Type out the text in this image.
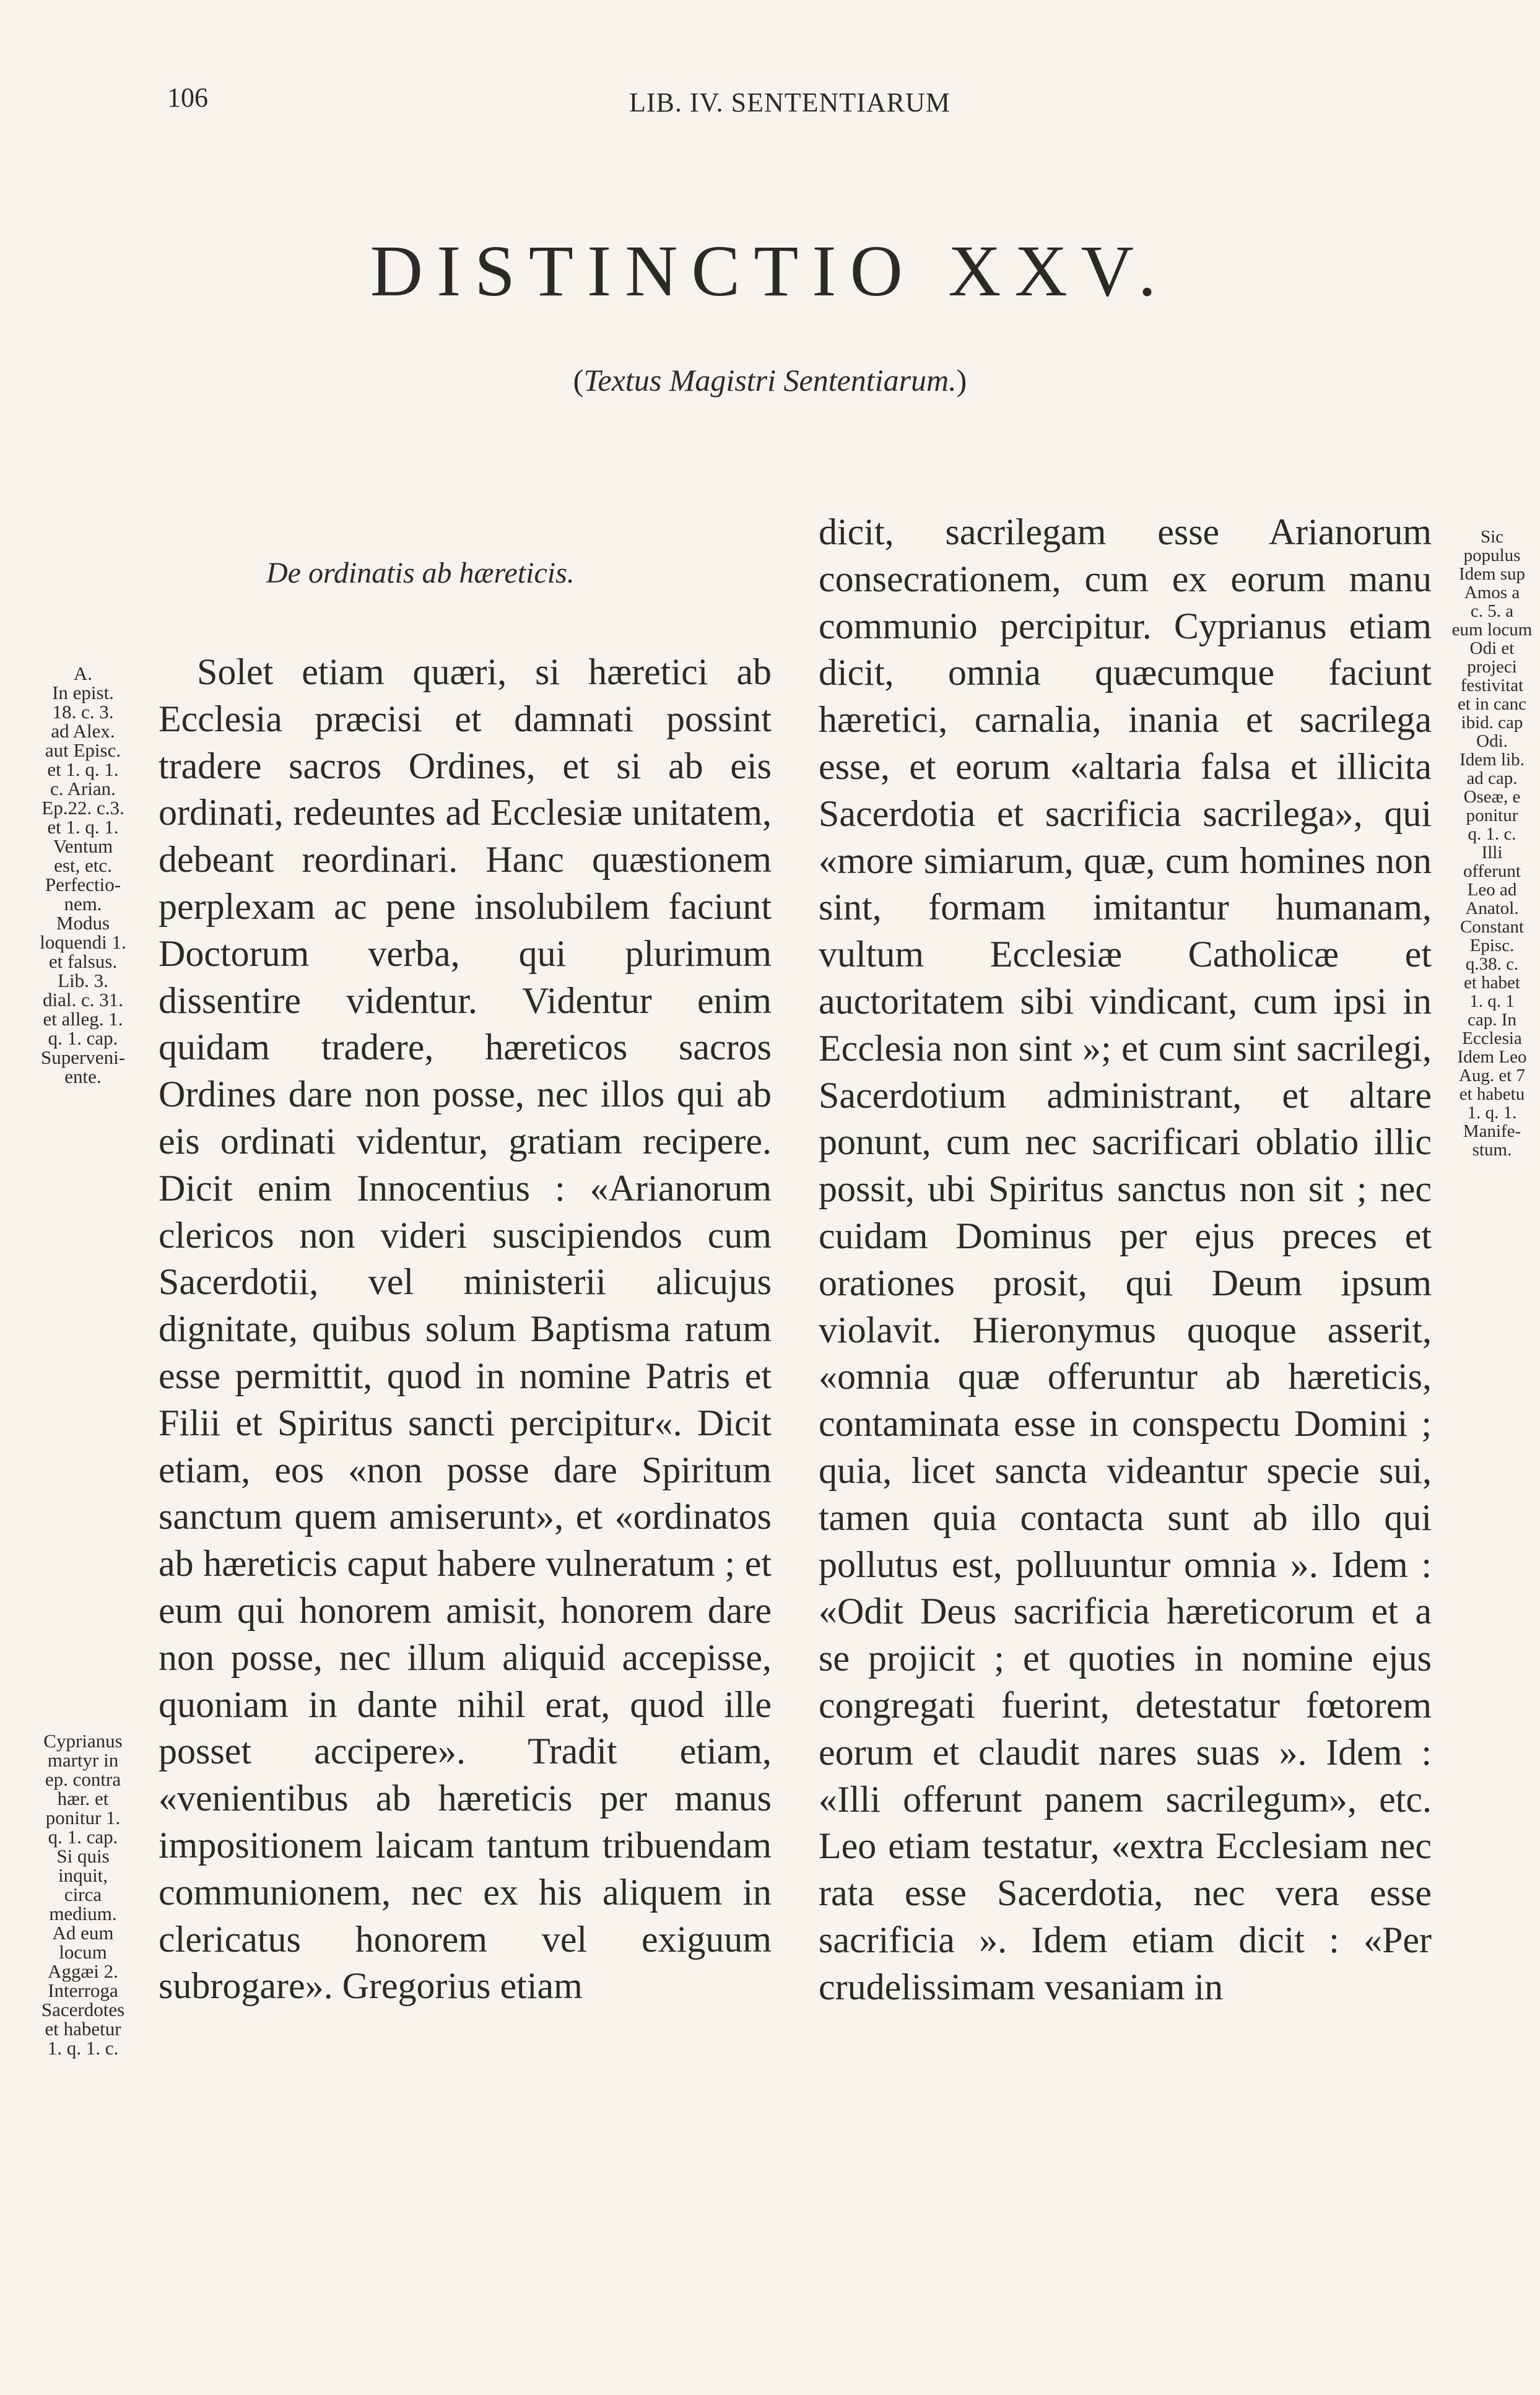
106	LIB. IV. SENTENTIARUM
DISTINCTIO XXV.
(Textus Magistri Sententiarum.)
De ordinatis ab hæreticis.
A.
In epist.
18. c. 3.
ad Alex.
aut Episc.
et 1. q. 1.
c. Arian.
Ep.22. c.3.
et 1. q. 1.
Ventum
est, etc.
Perfectio-
nem.
Modus
loquendi 1.
et falsus.
Lib. 3.
dial. c. 31.
et alleg. 1.
q. 1. cap.
Superveni-
ente.
Cyprianus
martyr in
ep. contra
hær. et
ponitur 1.
q. 1. cap.
Si quis
inquit,
circa
medium.
Ad eum
locum
Aggæi 2.
Interroga
Sacerdotes
et habetur
1. q. 1. c.

Solet etiam quæri, si hæretici ab Ecclesia præcisi et damnati possint tradere sacros Ordines, et si ab eis ordinati, redeuntes ad Ecclesiæ unitatem, debeant reordinari. Hanc quæstionem perplexam ac pene insolubilem faciunt Doctorum verba, qui plurimum dissentire videntur. Videntur enim quidam tradere, hæreticos sacros Ordines dare non posse, nec illos qui ab eis ordinati videntur, gratiam recipere. Dicit enim Innocentius : «Arianorum clericos non videri suscipiendos cum Sacerdotii, vel ministerii alicujus dignitate, quibus solum Baptisma ratum esse permittit, quod in nomine Patris et Filii et Spiritus sancti percipitur«. Dicit etiam, eos «non posse dare Spiritum sanctum quem amiserunt», et «ordinatos ab hæreticis caput habere vulneratum ; et eum qui honorem amisit, honorem dare non posse, nec illum aliquid accepisse, quoniam in dante nihil erat, quod ille posset accipere». Tradit etiam, «venientibus ab hæreticis per manus impositionem laicam tantum tribuendam communionem, nec ex his aliquem in clericatus honorem vel exiguum subrogare». Gregorius etiam

dicit, sacrilegam esse Arianorum consecrationem, cum ex eorum manu communio percipitur. Cyprianus etiam dicit, omnia quæcumque faciunt hæretici, carnalia, inania et sacrilega esse, et eorum «altaria falsa et illicita Sacerdotia et sacrificia sacrilega», qui «more simiarum, quæ, cum homines non sint, formam imitantur humanam, vultum Ecclesiæ Catholicæ et auctoritatem sibi vindicant, cum ipsi in Ecclesia non sint »; et cum sint sacrilegi, Sacerdotium administrant, et altare ponunt, cum nec sacrificari oblatio illic possit, ubi Spiritus sanctus non sit ; nec cuidam Dominus per ejus preces et orationes prosit, qui Deum ipsum violavit. Hieronymus quoque asserit, «omnia quæ offeruntur ab hæreticis, contaminata esse in conspectu Domini ; quia, licet sancta videantur specie sui, tamen quia contacta sunt ab illo qui pollutus est, polluuntur omnia ». Idem : «Odit Deus sacrificia hæreticorum et a se projicit ; et quoties in nomine ejus congregati fuerint, detestatur fœtorem eorum et claudit nares suas ». Idem : «Illi offerunt panem sacrilegum», etc. Leo etiam testatur, «extra Ecclesiam nec rata esse Sacerdotia, nec vera esse sacrificia ». Idem etiam dicit : «Per crudelissimam vesaniam in

Sic
populus
Idem sup
Amos a
c. 5. a
eum locum
Odi et
projeci
festivitat
et in canc
ibid. cap
Odi.
Idem lib.
ad cap.
Oseæ, e
ponitur
q. 1. c.
Illi
offerunt
Leo ad
Anatol.
Constant
Episc.
q.38. c.
et habet
1. q. 1
cap. In
Ecclesia
Idem Leo
Aug. et 7
et habetu
1. q. 1.
Manife-
stum.
